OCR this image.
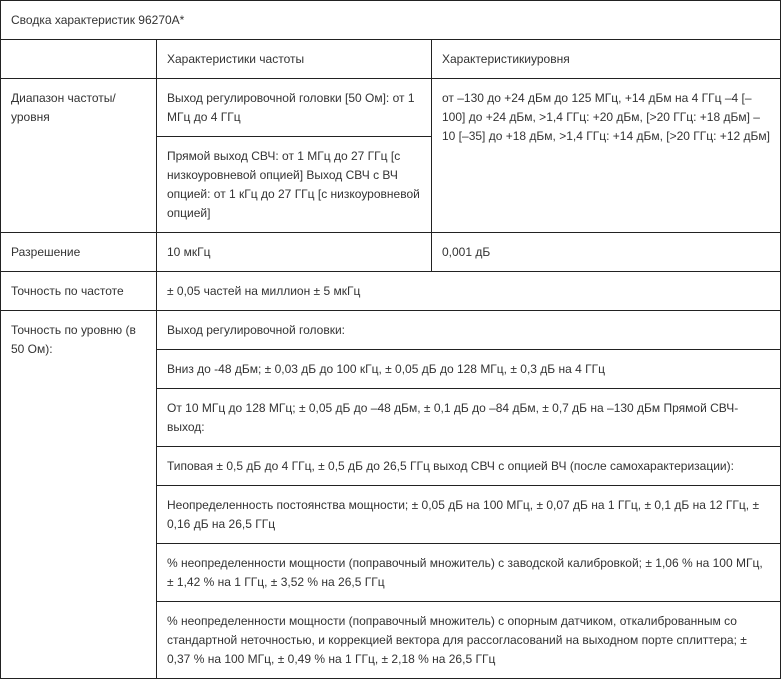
Сводка характеристик 96270A*		
	Характеристики частоты	Характеристикиуровня
Диапазон частоты/уровня	Выход регулировочной головки [50 Ом]: от 1 МГц до 4 ГГц	от –130 до +24 дБм до 125 МГц, +14 дБм на 4 ГГц –4 [–100] до +24 дБм, >1,4 ГГц: +20 дБм, [>20 ГГц: +18 дБм] –10 [–35] до +18 дБм, >1,4 ГГц: +14 дБм, [>20 ГГц: +12 дБм]
	Прямой выход СВЧ: от 1 МГц до 27 ГГц [с низкоуровневой опцией] Выход СВЧ с ВЧ опцией: от 1 кГц до 27 ГГц [с низкоуровневой опцией]	
Разрешение	10 мкГц	0,001 дБ
Точность по частоте	± 0,05 частей на миллион ± 5 мкГц	
Точность по уровню (в 50 Ом):	Выход регулировочной головки:	
	Вниз до -48 дБм; ± 0,03 дБ до 100 кГц, ± 0,05 дБ до 128 МГц, ± 0,3 дБ на 4 ГГц	
	От 10 МГц до 128 МГц; ± 0,05 дБ до –48 дБм, ± 0,1 дБ до –84 дБм, ± 0,7 дБ на –130 дБм Прямой СВЧ-выход:	
	Типовая ± 0,5 дБ до 4 ГГц, ± 0,5 дБ до 26,5 ГГц выход СВЧ с опцией ВЧ (после самохарактеризации):	
	Неопределенность постоянства мощности; ± 0,05 дБ на 100 МГц, ± 0,07 дБ на 1 ГГц, ± 0,1 дБ на 12 ГГц, ± 0,16 дБ на 26,5 ГГц	
	% неопределенности мощности (поправочный множитель) с заводской калибровкой; ± 1,06 % на 100 МГц, ± 1,42 % на 1 ГГц, ± 3,52 % на 26,5 ГГц	
	% неопределенности мощности (поправочный множитель) с опорным датчиком, откалиброванным со стандартной неточностью, и коррекцией вектора для рассогласований на выходном порте сплиттера; ± 0,37 % на 100 МГц, ± 0,49 % на 1 ГГц, ± 2,18 % на 26,5 ГГц	
